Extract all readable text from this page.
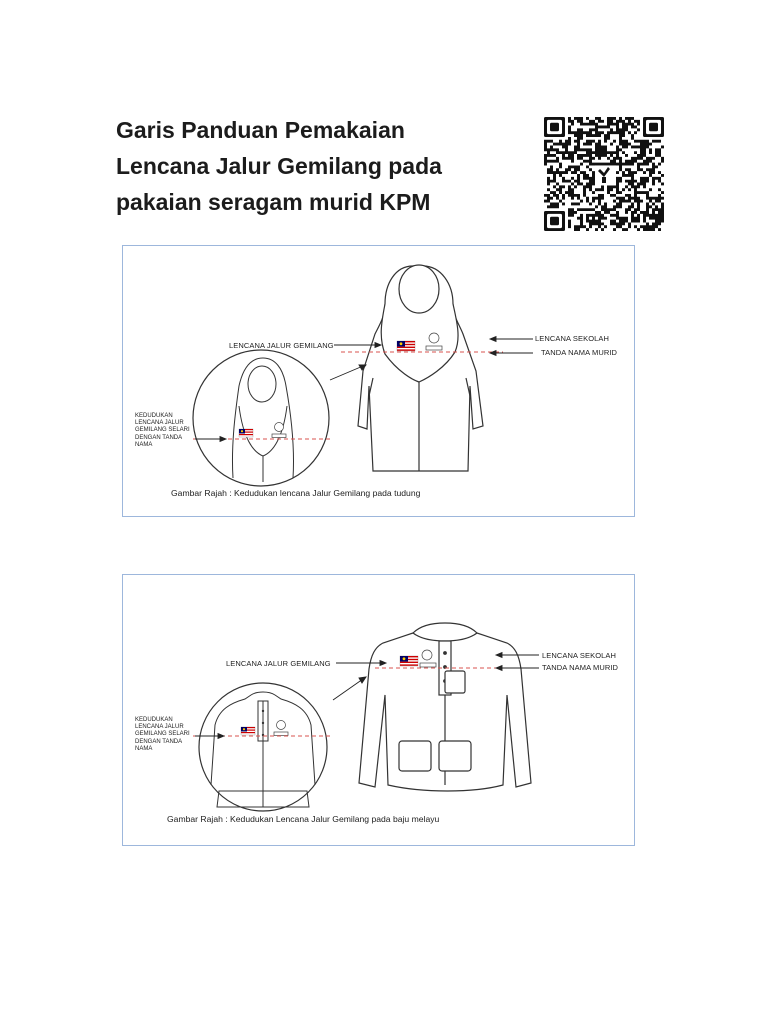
Garis Panduan Pemakaian
Lencana Jalur Gemilang pada
pakaian seragam murid KPM
LENCANA JALUR GEMILANG
LENCANA SEKOLAH
TANDA NAMA MURID
KEDUDUKAN
LENCANA JALUR
GEMILANG SELARI
DENGAN TANDA
NAMA
Gambar Rajah : Kedudukan lencana Jalur Gemilang pada tudung
LENCANA JALUR GEMILANG
LENCANA SEKOLAH
TANDA NAMA MURID
KEDUDUKAN
LENCANA JALUR
GEMILANG SELARI
DENGAN TANDA
NAMA
Gambar Rajah : Kedudukan Lencana Jalur Gemilang pada baju melayu
